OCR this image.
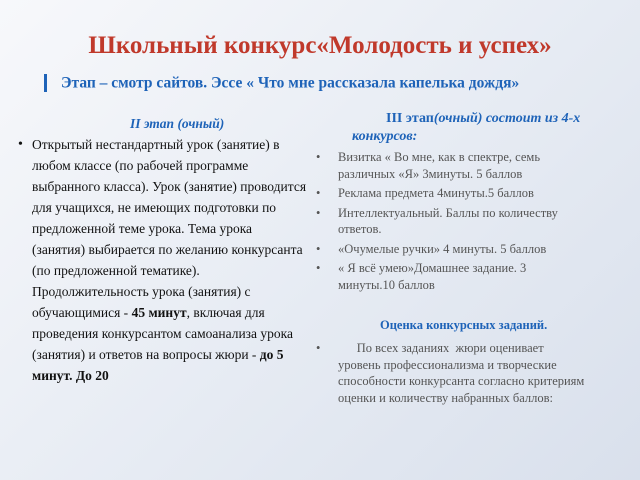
Школьный конкурс«Молодость и успех»
Этап – смотр сайтов. Эссе « Что мне рассказала капелька дождя»
II этап (очный)
• Открытый нестандартный урок (занятие) в любом классе (по рабочей программе выбранного класса). Урок (занятие) проводится для учащихся, не имеющих подготовки по предложенной теме урока. Тема урока (занятия) выбирается по желанию конкурсанта (по предложенной тематике). Продолжительность урока (занятия) с обучающимися - 45 минут, включая для проведения конкурсантом самоанализа урока (занятия) и ответов на вопросы жюри - до 5 минут. До 20
III этап(очный) состоит из 4-х конкурсов:
• Визитка « Во мне, как в спектре, семь различных «Я» 3минуты. 5 баллов
• Реклама предмета 4минуты.5 баллов
• Интеллектуальный. Баллы по количеству ответов.
• «Очумелые ручки» 4 минуты. 5 баллов
• « Я всё умею»Домашнее задание. 3 минуты.10 баллов
Оценка конкурсных заданий.
•       По всех заданиях  жюри оценивает уровень профессионализма и творческие способности конкурсанта согласно критериям оценки и количеству набранных баллов:
